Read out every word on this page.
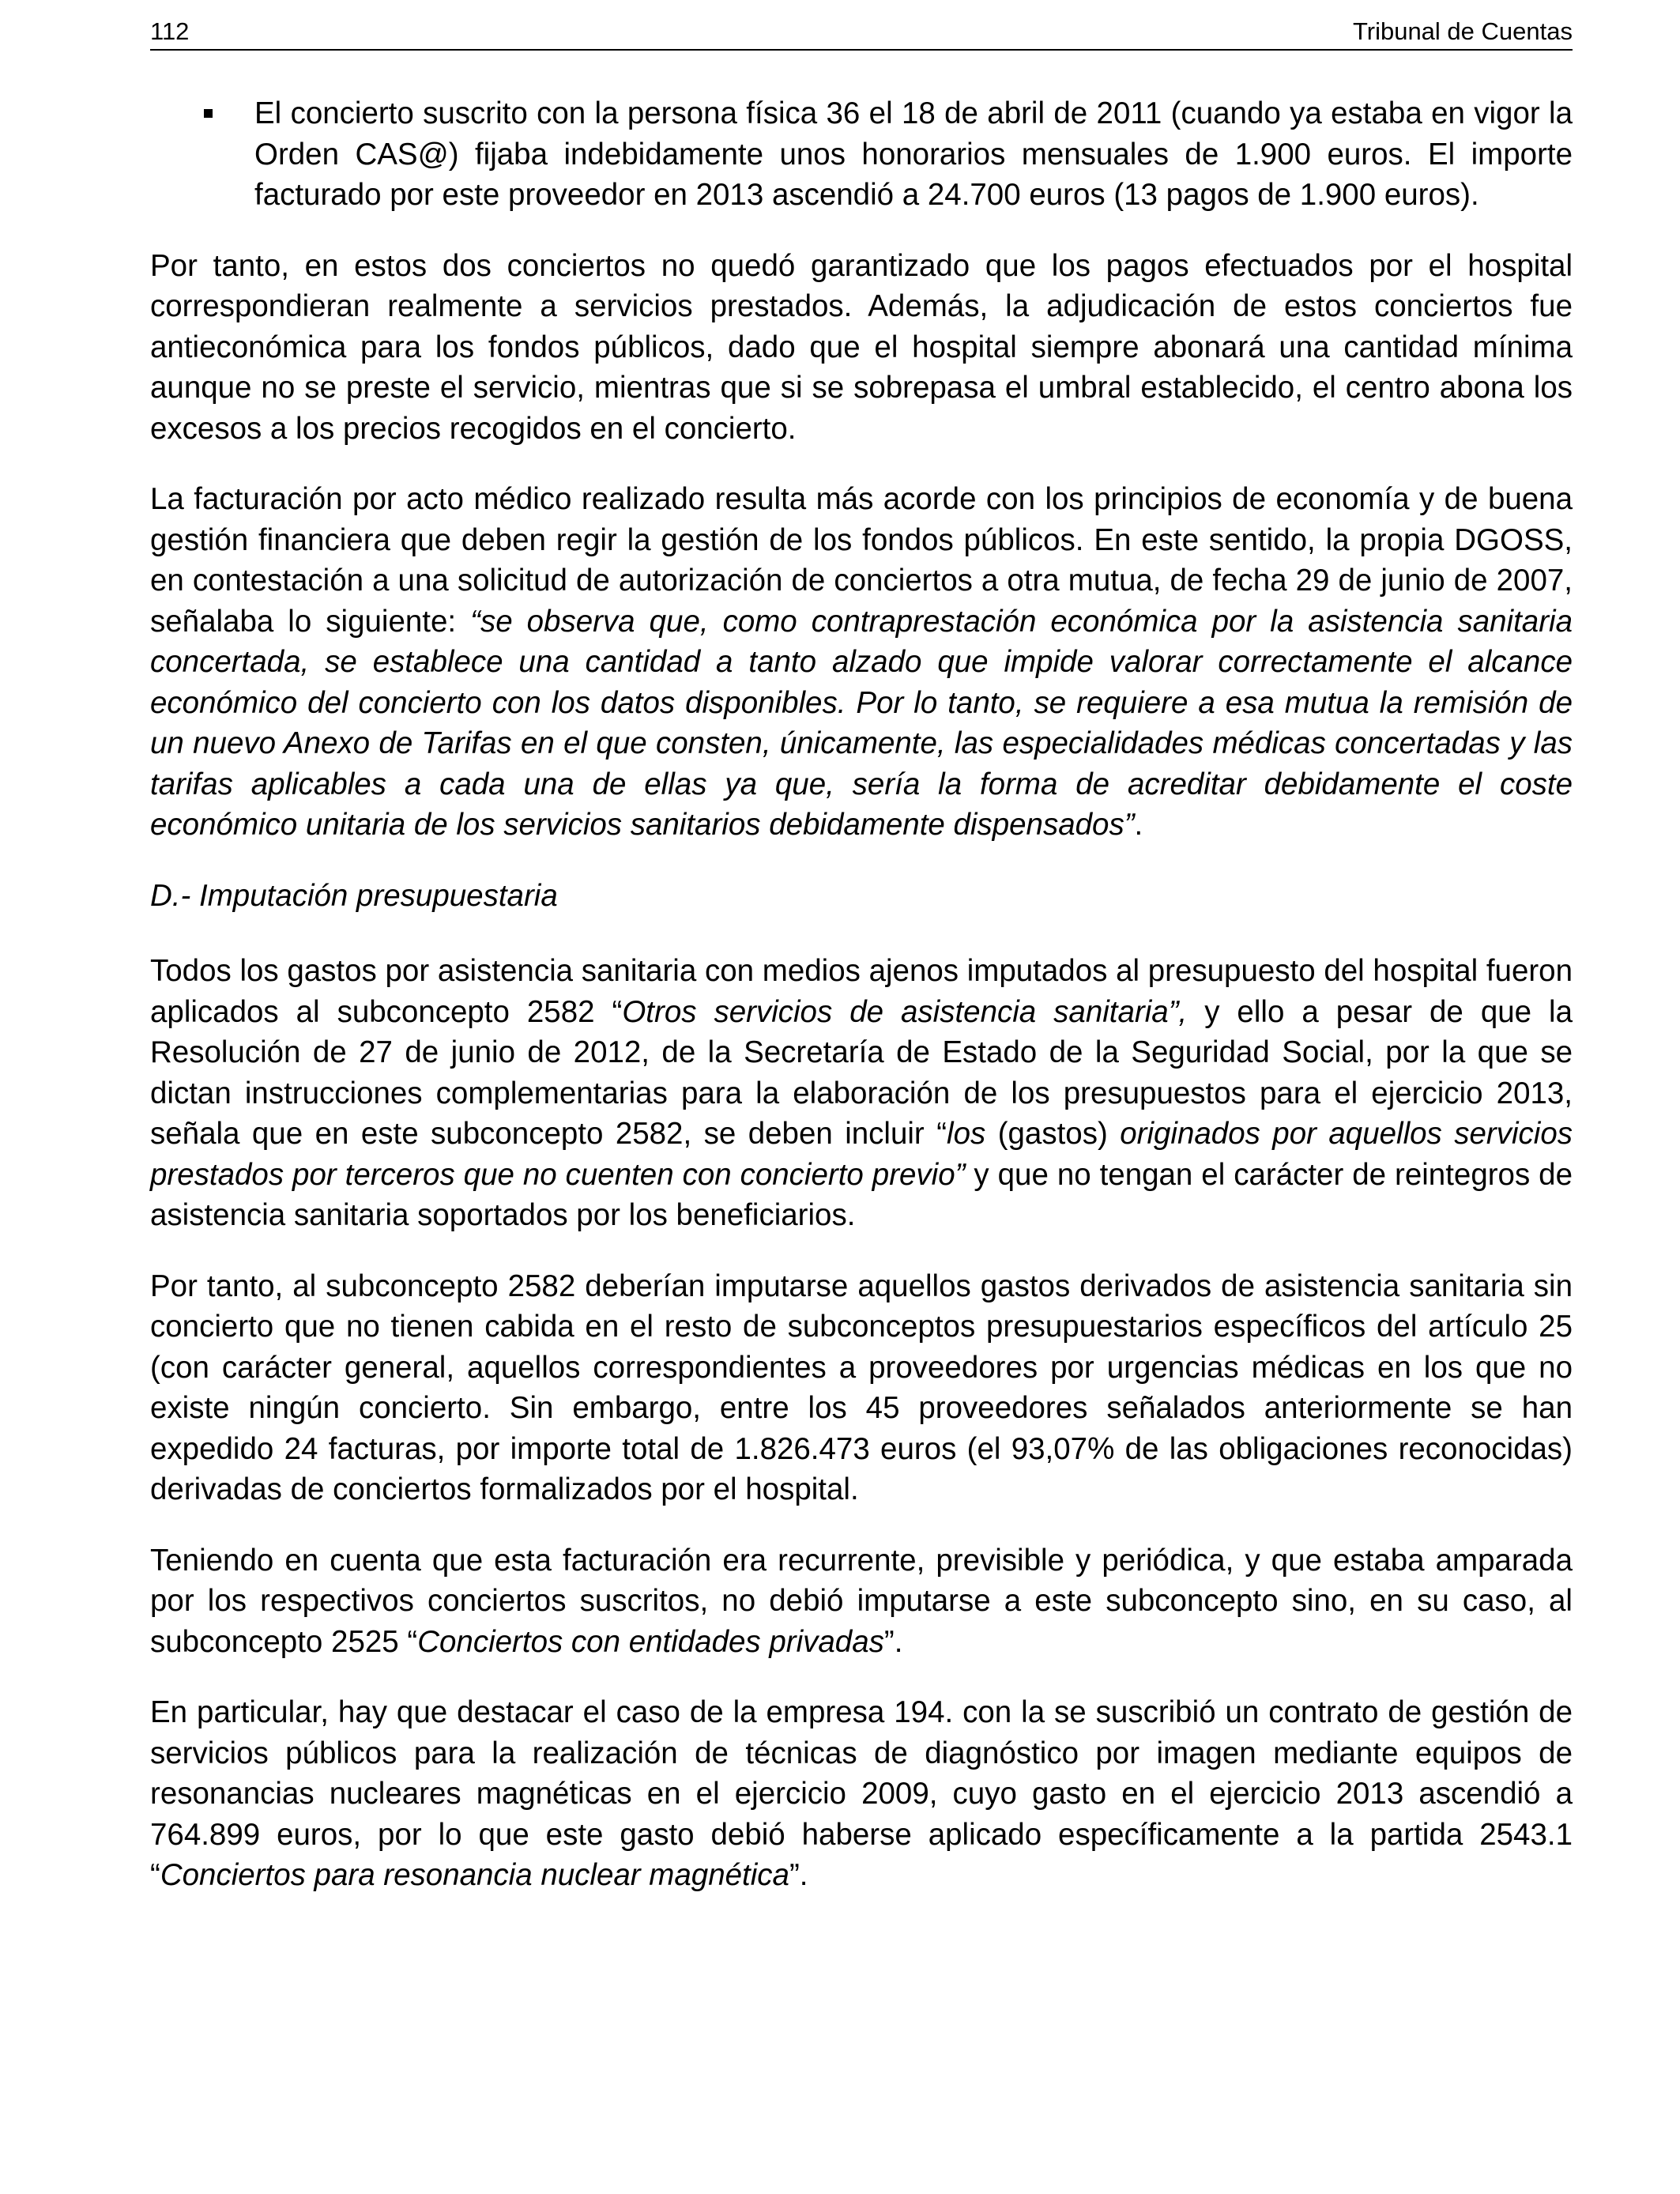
112	Tribunal de Cuentas
El concierto suscrito con la persona física 36 el 18 de abril de 2011 (cuando ya estaba en vigor la Orden CAS@) fijaba indebidamente unos honorarios mensuales de 1.900 euros. El importe facturado por este proveedor en 2013 ascendió a 24.700 euros (13 pagos de 1.900 euros).

Por tanto, en estos dos conciertos no quedó garantizado que los pagos efectuados por el hospital correspondieran realmente a servicios prestados. Además, la adjudicación de estos conciertos fue antieconómica para los fondos públicos, dado que el hospital siempre abonará una cantidad mínima aunque no se preste el servicio, mientras que si se sobrepasa el umbral establecido, el centro abona los excesos a los precios recogidos en el concierto.

La facturación por acto médico realizado resulta más acorde con los principios de economía y de buena gestión financiera que deben regir la gestión de los fondos públicos. En este sentido, la propia DGOSS, en contestación a una solicitud de autorización de conciertos a otra mutua, de fecha 29 de junio de 2007, señalaba lo siguiente: “se observa que, como contraprestación económica por la asistencia sanitaria concertada, se establece una cantidad a tanto alzado que impide valorar correctamente el alcance económico del concierto con los datos disponibles. Por lo tanto, se requiere a esa mutua la remisión de un nuevo Anexo de Tarifas en el que consten, únicamente, las especialidades médicas concertadas y las tarifas aplicables a cada una de ellas ya que, sería la forma de acreditar debidamente el coste económico unitaria de los servicios sanitarios debidamente dispensados”.

D.- Imputación presupuestaria

Todos los gastos por asistencia sanitaria con medios ajenos imputados al presupuesto del hospital fueron aplicados al subconcepto 2582 “Otros servicios de asistencia sanitaria”, y ello a pesar de que la Resolución de 27 de junio de 2012, de la Secretaría de Estado de la Seguridad Social, por la que se dictan instrucciones complementarias para la elaboración de los presupuestos para el ejercicio 2013, señala que en este subconcepto 2582, se deben incluir “los (gastos) originados por aquellos servicios prestados por terceros que no cuenten con concierto previo” y que no tengan el carácter de reintegros de asistencia sanitaria soportados por los beneficiarios.

Por tanto, al subconcepto 2582 deberían imputarse aquellos gastos derivados de asistencia sanitaria sin concierto que no tienen cabida en el resto de subconceptos presupuestarios específicos del artículo 25 (con carácter general, aquellos correspondientes a proveedores por urgencias médicas en los que no existe ningún concierto. Sin embargo, entre los 45 proveedores señalados anteriormente se han expedido 24 facturas, por importe total de 1.826.473 euros (el 93,07% de las obligaciones reconocidas) derivadas de conciertos formalizados por el hospital.

Teniendo en cuenta que esta facturación era recurrente, previsible y periódica, y que estaba amparada por los respectivos conciertos suscritos, no debió imputarse a este subconcepto sino, en su caso, al subconcepto 2525 “Conciertos con entidades privadas”.

En particular, hay que destacar el caso de la empresa 194. con la se suscribió un contrato de gestión de servicios públicos para la realización de técnicas de diagnóstico por imagen mediante equipos de resonancias nucleares magnéticas en el ejercicio 2009, cuyo gasto en el ejercicio 2013 ascendió a 764.899 euros, por lo que este gasto debió haberse aplicado específicamente a la partida 2543.1 “Conciertos para resonancia nuclear magnética”.
